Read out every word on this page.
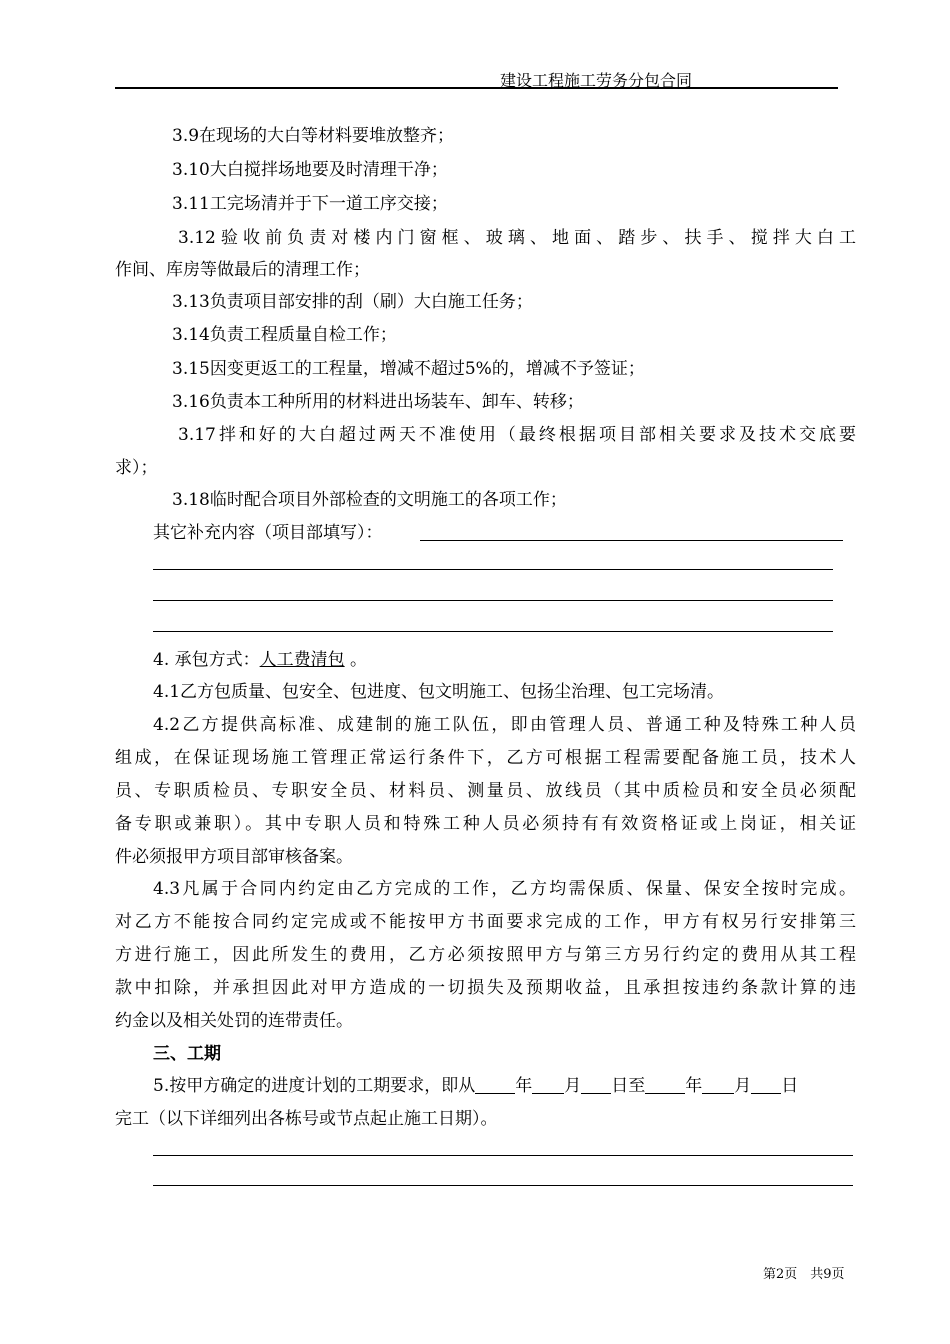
建设工程施工劳务分包合同
3.9在现场的大白等材料要堆放整齐；
3.10大白搅拌场地要及时清理干净；
3.11工完场清并于下一道工序交接；
3.12验收前负责对楼内门窗框、玻璃、地面、踏步、扶手、搅拌大白工
作间、库房等做最后的清理工作；
3.13负责项目部安排的刮（刷）大白施工任务；
3.14负责工程质量自检工作；
3.15因变更返工的工程量，增减不超过5%的，增减不予签证；
3.16负责本工种所用的材料进出场装车、卸车、转移；
3.17拌和好的大白超过两天不准使用（最终根据项目部相关要求及技术交底要
求）；
3.18临时配合项目外部检查的文明施工的各项工作；
其它补充内容（项目部填写）：
4. 承包方式：人工费清包 。
4.1乙方包质量、包安全、包进度、包文明施工、包扬尘治理、包工完场清。
4.2乙方提供高标准、成建制的施工队伍，即由管理人员、普通工种及特殊工种人员
组成，在保证现场施工管理正常运行条件下，乙方可根据工程需要配备施工员，技术人
员、专职质检员、专职安全员、材料员、测量员、放线员（其中质检员和安全员必须配
备专职或兼职）。其中专职人员和特殊工种人员必须持有有效资格证或上岗证，相关证
件必须报甲方项目部审核备案。
4.3凡属于合同内约定由乙方完成的工作，乙方均需保质、保量、保安全按时完成。
对乙方不能按合同约定完成或不能按甲方书面要求完成的工作，甲方有权另行安排第三
方进行施工，因此所发生的费用，乙方必须按照甲方与第三方另行约定的费用从其工程
款中扣除，并承担因此对甲方造成的一切损失及预期收益，且承担按违约条款计算的违
约金以及相关处罚的连带责任。
三、工期
5.按甲方确定的进度计划的工期要求，即从 年 月 日至 年 月 日
完工（以下详细列出各栋号或节点起止施工日期）。
第2页　共9页
